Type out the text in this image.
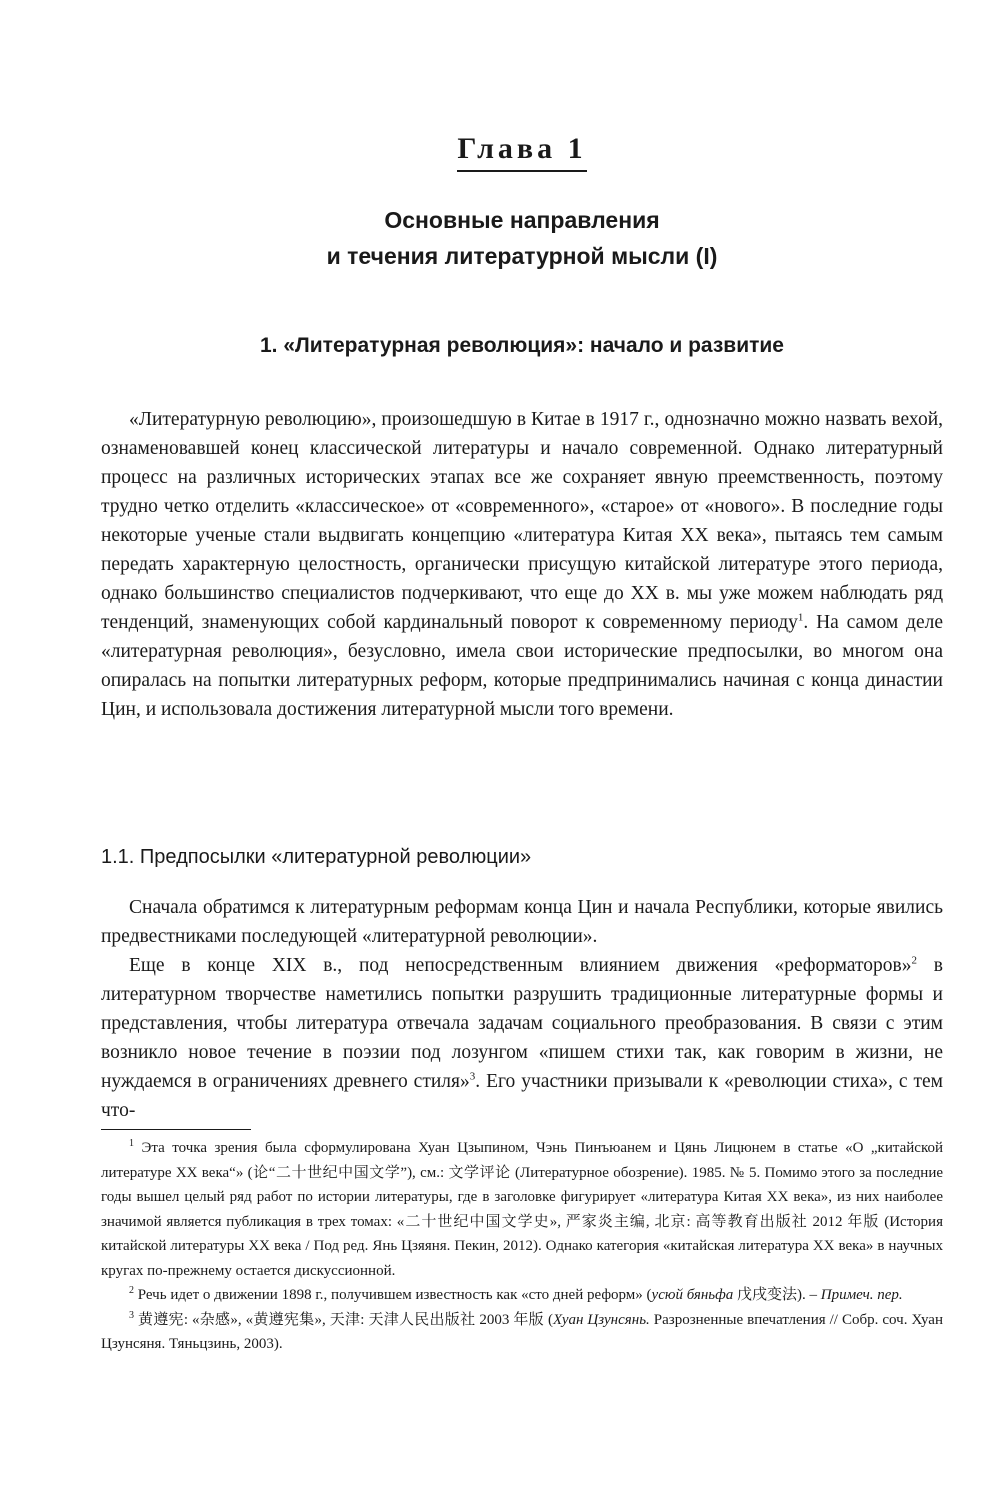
Глава 1
Основные направления
и течения литературной мысли (I)
1. «Литературная революция»: начало и развитие

«Литературную революцию», произошедшую в Китае в 1917 г., однозначно можно назвать вехой, ознаменовавшей конец классической литературы и начало современной. Однако литературный процесс на различных исторических этапах все же сохраняет явную преемственность, поэтому трудно четко отделить «классическое» от «современного», «старое» от «нового». В последние годы некоторые ученые стали выдвигать концепцию «литература Китая XX века», пытаясь тем самым передать характерную целостность, органически присущую китайской литературе этого периода, однако большинство специалистов подчеркивают, что еще до XX в. мы уже можем наблюдать ряд тенденций, знаменующих собой кардинальный поворот к современному периоду$^1$. На самом деле «литературная революция», безусловно, имела свои исторические предпосылки, во многом она опиралась на попытки литературных реформ, которые предпринимались начиная с конца династии Цин, и использовала достижения литературной мысли того времени.

1.1. Предпосылки «литературной революции»

Сначала обратимся к литературным реформам конца Цин и начала Республики, которые явились предвестниками последующей «литературной революции».

Еще в конце XIX в., под непосредственным влиянием движения «реформаторов»$^2$ в литературном творчестве наметились попытки разрушить традиционные литературные формы и представления, чтобы литература отвечала задачам социального преобразования. В связи с этим возникло новое течение в поэзии под лозунгом «пишем стихи так, как говорим в жизни, не нуждаемся в ограничениях древнего стиля»$^3$. Его участники призывали к «революции стиха», с тем что-

$^1$ Эта точка зрения была сформулирована Хуан Цзыпином, Чэнь Пинъюанем и Цянь Лицюнем в статье «О „китайской литературе XX века“» (论“二十世纪中国文学”), см.: 文学评论 (Литературное обозрение). 1985. № 5. Помимо этого за последние годы вышел целый ряд работ по истории литературы, где в заголовке фигурирует «литература Китая XX века», из них наиболее значимой является публикация в трех томах: «二十世纪中国文学史», 严家炎主编, 北京: 高等教育出版社 2012 年版 (История китайской литературы XX века / Под ред. Янь Цзяяня. Пекин, 2012). Однако категория «китайская литература XX века» в научных кругах по-прежнему остается дискуссионной.

$^2$ Речь идет о движении 1898 г., получившем известность как «сто дней реформ» (усюй бяньфа 戊戌变法). – Примеч. пер.

$^3$ 黄遵宪: «杂感», «黄遵宪集», 天津: 天津人民出版社 2003 年版 (Хуан Цзунсянь. Разрозненные впечатления // Собр. соч. Хуан Цзунсяня. Тяньцзинь, 2003).
